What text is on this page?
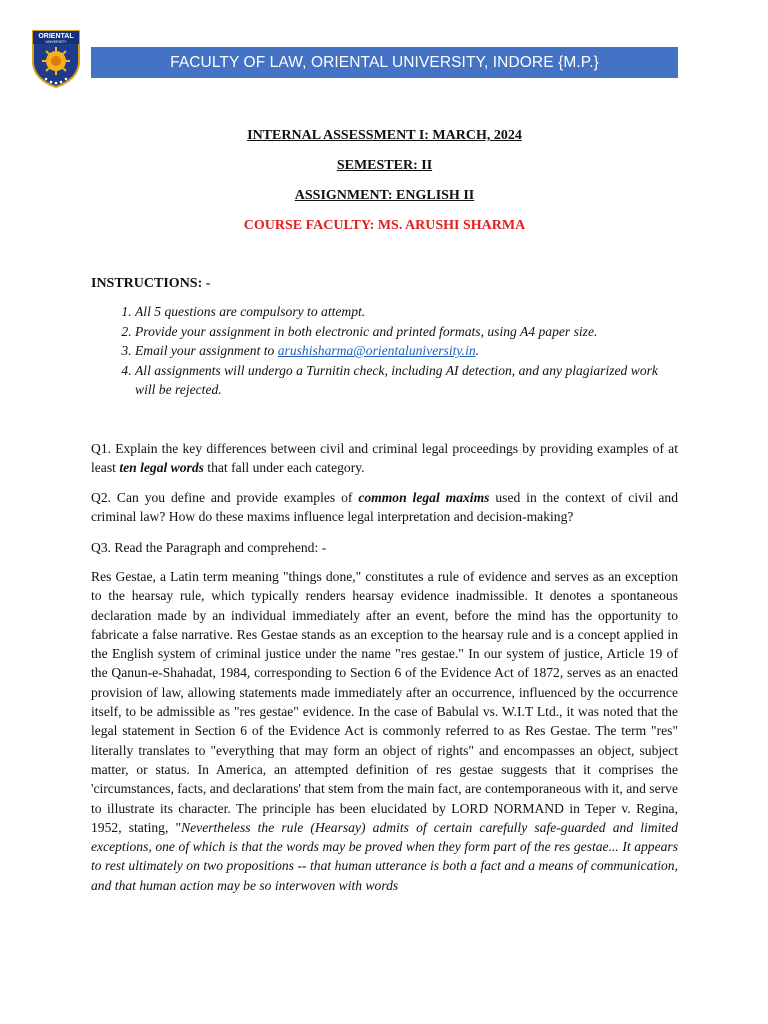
ORIENTAL
UNIVERSITY
FACULTY OF LAW, ORIENTAL UNIVERSITY, INDORE {M.P.}
INTERNAL ASSESSMENT I: MARCH, 2024
SEMESTER: II
ASSIGNMENT: ENGLISH II
COURSE FACULTY: MS. ARUSHI SHARMA
INSTRUCTIONS: -
1. All 5 questions are compulsory to attempt.
2. Provide your assignment in both electronic and printed formats, using A4 paper size.
3. Email your assignment to arushisharma@orientaluniversity.in.
4. All assignments will undergo a Turnitin check, including AI detection, and any plagiarized work will be rejected.

Q1. Explain the key differences between civil and criminal legal proceedings by providing examples of at least ten legal words that fall under each category.

Q2. Can you define and provide examples of common legal maxims used in the context of civil and criminal law? How do these maxims influence legal interpretation and decision-making?

Q3. Read the Paragraph and comprehend: -

Res Gestae, a Latin term meaning "things done," constitutes a rule of evidence and serves as an exception to the hearsay rule, which typically renders hearsay evidence inadmissible. It denotes a spontaneous declaration made by an individual immediately after an event, before the mind has the opportunity to fabricate a false narrative. Res Gestae stands as an exception to the hearsay rule and is a concept applied in the English system of criminal justice under the name "res gestae." In our system of justice, Article 19 of the Qanun-e-Shahadat, 1984, corresponding to Section 6 of the Evidence Act of 1872, serves as an enacted provision of law, allowing statements made immediately after an occurrence, influenced by the occurrence itself, to be admissible as "res gestae" evidence. In the case of Babulal vs. W.I.T Ltd., it was noted that the legal statement in Section 6 of the Evidence Act is commonly referred to as Res Gestae. The term "res" literally translates to "everything that may form an object of rights" and encompasses an object, subject matter, or status. In America, an attempted definition of res gestae suggests that it comprises the 'circumstances, facts, and declarations' that stem from the main fact, are contemporaneous with it, and serve to illustrate its character. The principle has been elucidated by LORD NORMAND in Teper v. Regina, 1952, stating, "Nevertheless the rule (Hearsay) admits of certain carefully safe-guarded and limited exceptions, one of which is that the words may be proved when they form part of the res gestae... It appears to rest ultimately on two propositions -- that human utterance is both a fact and a means of communication, and that human action may be so interwoven with words
